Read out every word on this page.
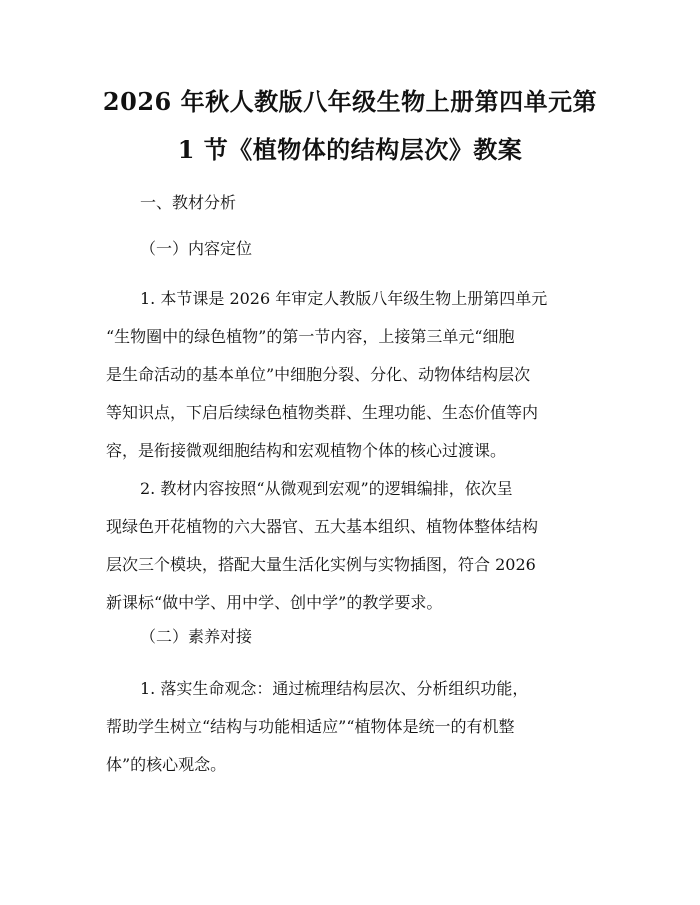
2026 年秋人教版八年级生物上册第四单元第
1 节《植物体的结构层次》教案
一、教材分析
（一）内容定位
1. 本节课是 2026 年审定人教版八年级生物上册第四单元
“生物圈中的绿色植物”的第一节内容，上接第三单元“细胞
是生命活动的基本单位”中细胞分裂、分化、动物体结构层次
等知识点，下启后续绿色植物类群、生理功能、生态价值等内
容，是衔接微观细胞结构和宏观植物个体的核心过渡课。
2. 教材内容按照“从微观到宏观”的逻辑编排，依次呈
现绿色开花植物的六大器官、五大基本组织、植物体整体结构
层次三个模块，搭配大量生活化实例与实物插图，符合 2026
新课标“做中学、用中学、创中学”的教学要求。
（二）素养对接
1. 落实生命观念：通过梳理结构层次、分析组织功能，
帮助学生树立“结构与功能相适应”“植物体是统一的有机整
体”的核心观念。
